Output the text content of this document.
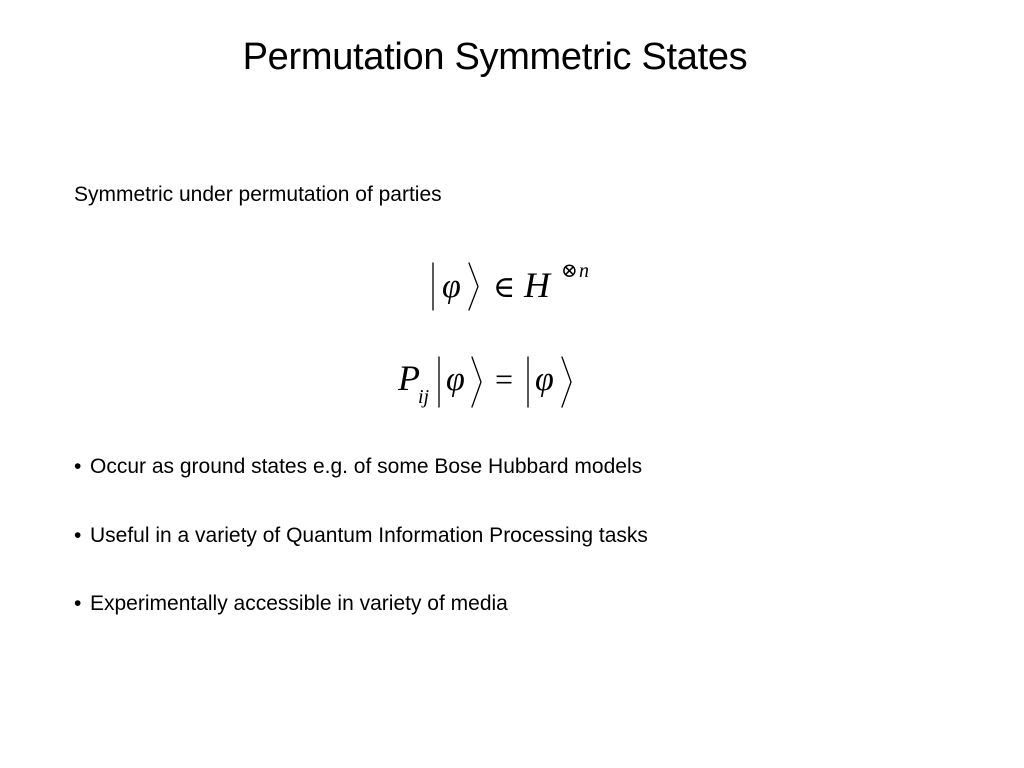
Permutation Symmetric States
Symmetric under permutation of parties
φ ∈ H ⊗ n
P
ij φ = φ
• Occur as ground states e.g. of some Bose Hubbard models
• Useful in a variety of Quantum Information Processing tasks
• Experimentally accessible in variety of media
